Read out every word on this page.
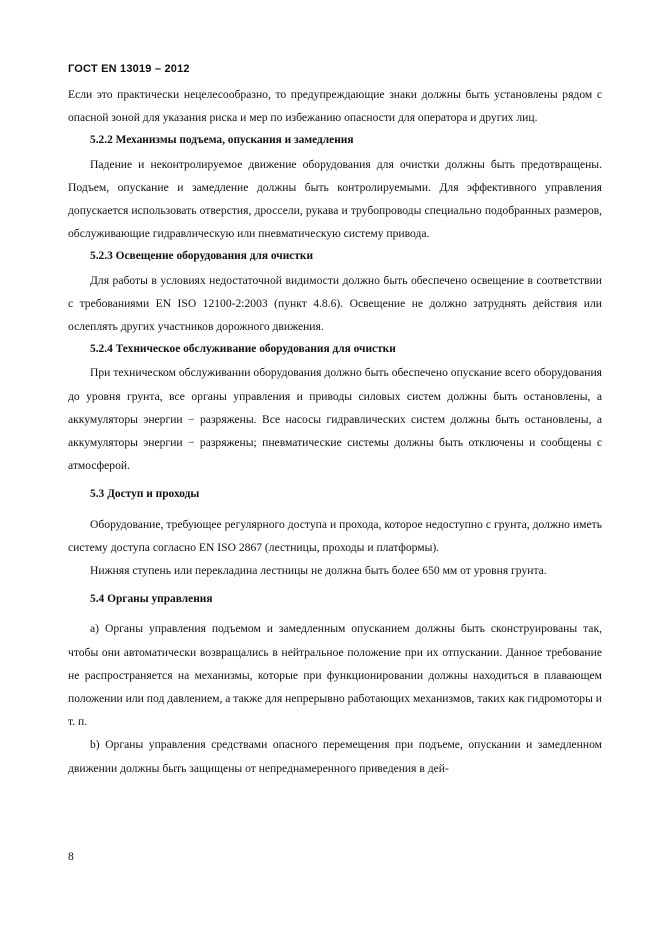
ГОСТ EN 13019 – 2012

Если это практически нецелесообразно, то предупреждающие знаки должны быть установлены рядом с опасной зоной для указания риска и мер по избежанию опасности для оператора и других лиц.

5.2.2 Механизмы подъема, опускания и замедления

Падение и неконтролируемое движение оборудования для очистки должны быть предотвращены. Подъем, опускание и замедление должны быть контролируемыми. Для эффективного управления допускается использовать отверстия, дроссели, рукава и трубопроводы специально подобранных размеров, обслуживающие гидравлическую или пневматическую систему привода.

5.2.3 Освещение оборудования для очистки

Для работы в условиях недостаточной видимости должно быть обеспечено освещение в соответствии с требованиями EN ISO 12100-2:2003 (пункт 4.8.6). Освещение не должно затруднять действия или ослеплять других участников дорожного движения.

5.2.4 Техническое обслуживание оборудования для очистки

При техническом обслуживании оборудования должно быть обеспечено опускание всего оборудования до уровня грунта, все органы управления и приводы силовых систем должны быть остановлены, а аккумуляторы энергии − разряжены. Все насосы гидравлических систем должны быть остановлены, а аккумуляторы энергии − разряжены; пневматические системы должны быть отключены и сообщены с атмосферой.

5.3 Доступ и проходы

Оборудование, требующее регулярного доступа и прохода, которое недоступно с грунта, должно иметь систему доступа согласно EN ISO 2867 (лестницы, проходы и платформы).

Нижняя ступень или перекладина лестницы не должна быть более 650 мм от уровня грунта.

5.4 Органы управления

a) Органы управления подъемом и замедленным опусканием должны быть сконструированы так, чтобы они автоматически возвращались в нейтральное положение при их отпускании. Данное требование не распространяется на механизмы, которые при функционировании должны находиться в плавающем положении или под давлением, а также для непрерывно работающих механизмов, таких как гидромоторы и т. п.

b) Органы управления средствами опасного перемещения при подъеме, опускании и замедленном движении должны быть защищены от непреднамеренного приведения в дей-

8
